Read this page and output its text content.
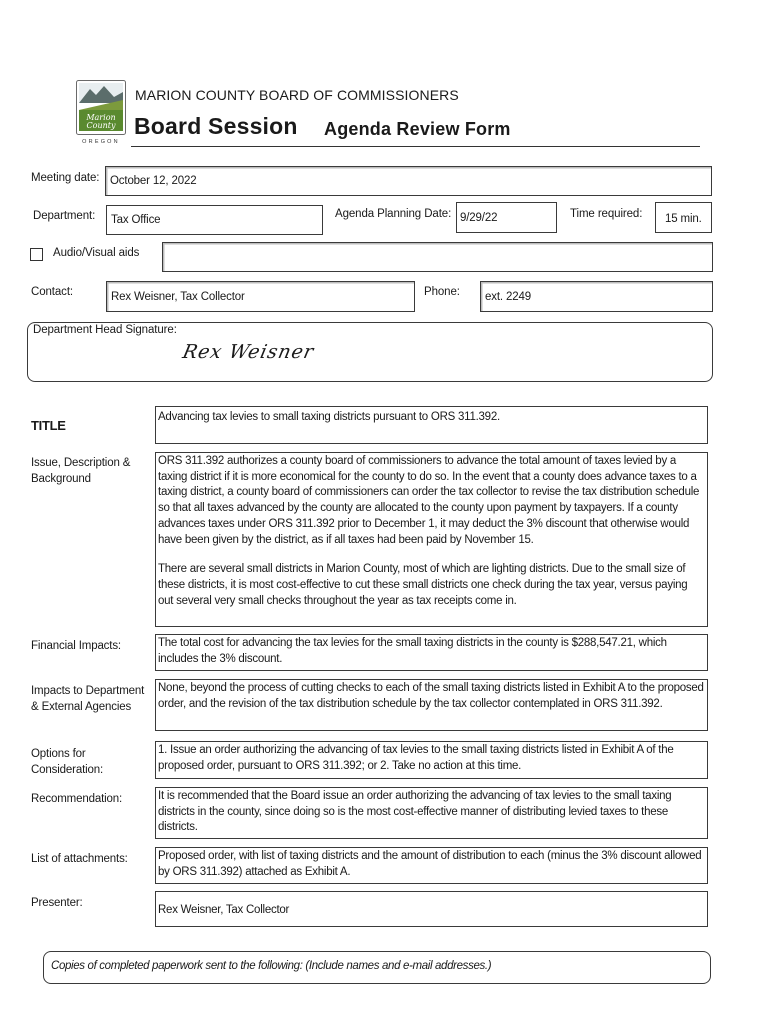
Marion
County
OREGON
MARION COUNTY BOARD OF COMMISSIONERS
Board Session Agenda Review Form
Meeting date: October 12, 2022
Department: Tax Office	Agenda Planning Date: 9/29/22	Time required: 15 min.
Audio/Visual aids
Contact:	Rex Weisner, Tax Collector	Phone: ext. 2249
Department Head Signature:
Rex Weisner
TITLE
Advancing tax levies to small taxing districts pursuant to ORS 311.392.
Issue, Description &
Background

ORS 311.392 authorizes a county board of commissioners to advance the total amount of taxes levied by a taxing district if it is more economical for the county to do so. In the event that a county does advance taxes to a taxing district, a county board of commissioners can order the tax collector to revise the tax distribution schedule so that all taxes advanced by the county are allocated to the county upon payment by taxpayers. If a county advances taxes under ORS 311.392 prior to December 1, it may deduct the 3% discount that otherwise would have been given by the district, as if all taxes had been paid by November 15.

There are several small districts in Marion County, most of which are lighting districts. Due to the small size of these districts, it is most cost-effective to cut these small districts one check during the tax year, versus paying out several very small checks throughout the year as tax receipts come in.

Financial Impacts:	The total cost for advancing the tax levies for the small taxing districts in the county is $288,547.21, which includes the 3% discount.
Impacts to Department
& External Agencies
None, beyond the process of cutting checks to each of the small taxing districts listed in Exhibit A to the proposed order, and the revision of the tax distribution schedule by the tax collector contemplated in ORS 311.392.
Options for
Consideration:
1. Issue an order authorizing the advancing of tax levies to the small taxing districts listed in Exhibit A of the proposed order, pursuant to ORS 311.392; or 2. Take no action at this time.
Recommendation:	It is recommended that the Board issue an order authorizing the advancing of tax levies to the small taxing districts in the county, since doing so is the most cost-effective manner of distributing levied taxes to these districts.
List of attachments:	Proposed order, with list of taxing districts and the amount of distribution to each (minus the 3% discount allowed by ORS 311.392) attached as Exhibit A.
Presenter:
Rex Weisner, Tax Collector
Copies of completed paperwork sent to the following: (Include names and e-mail addresses.)
